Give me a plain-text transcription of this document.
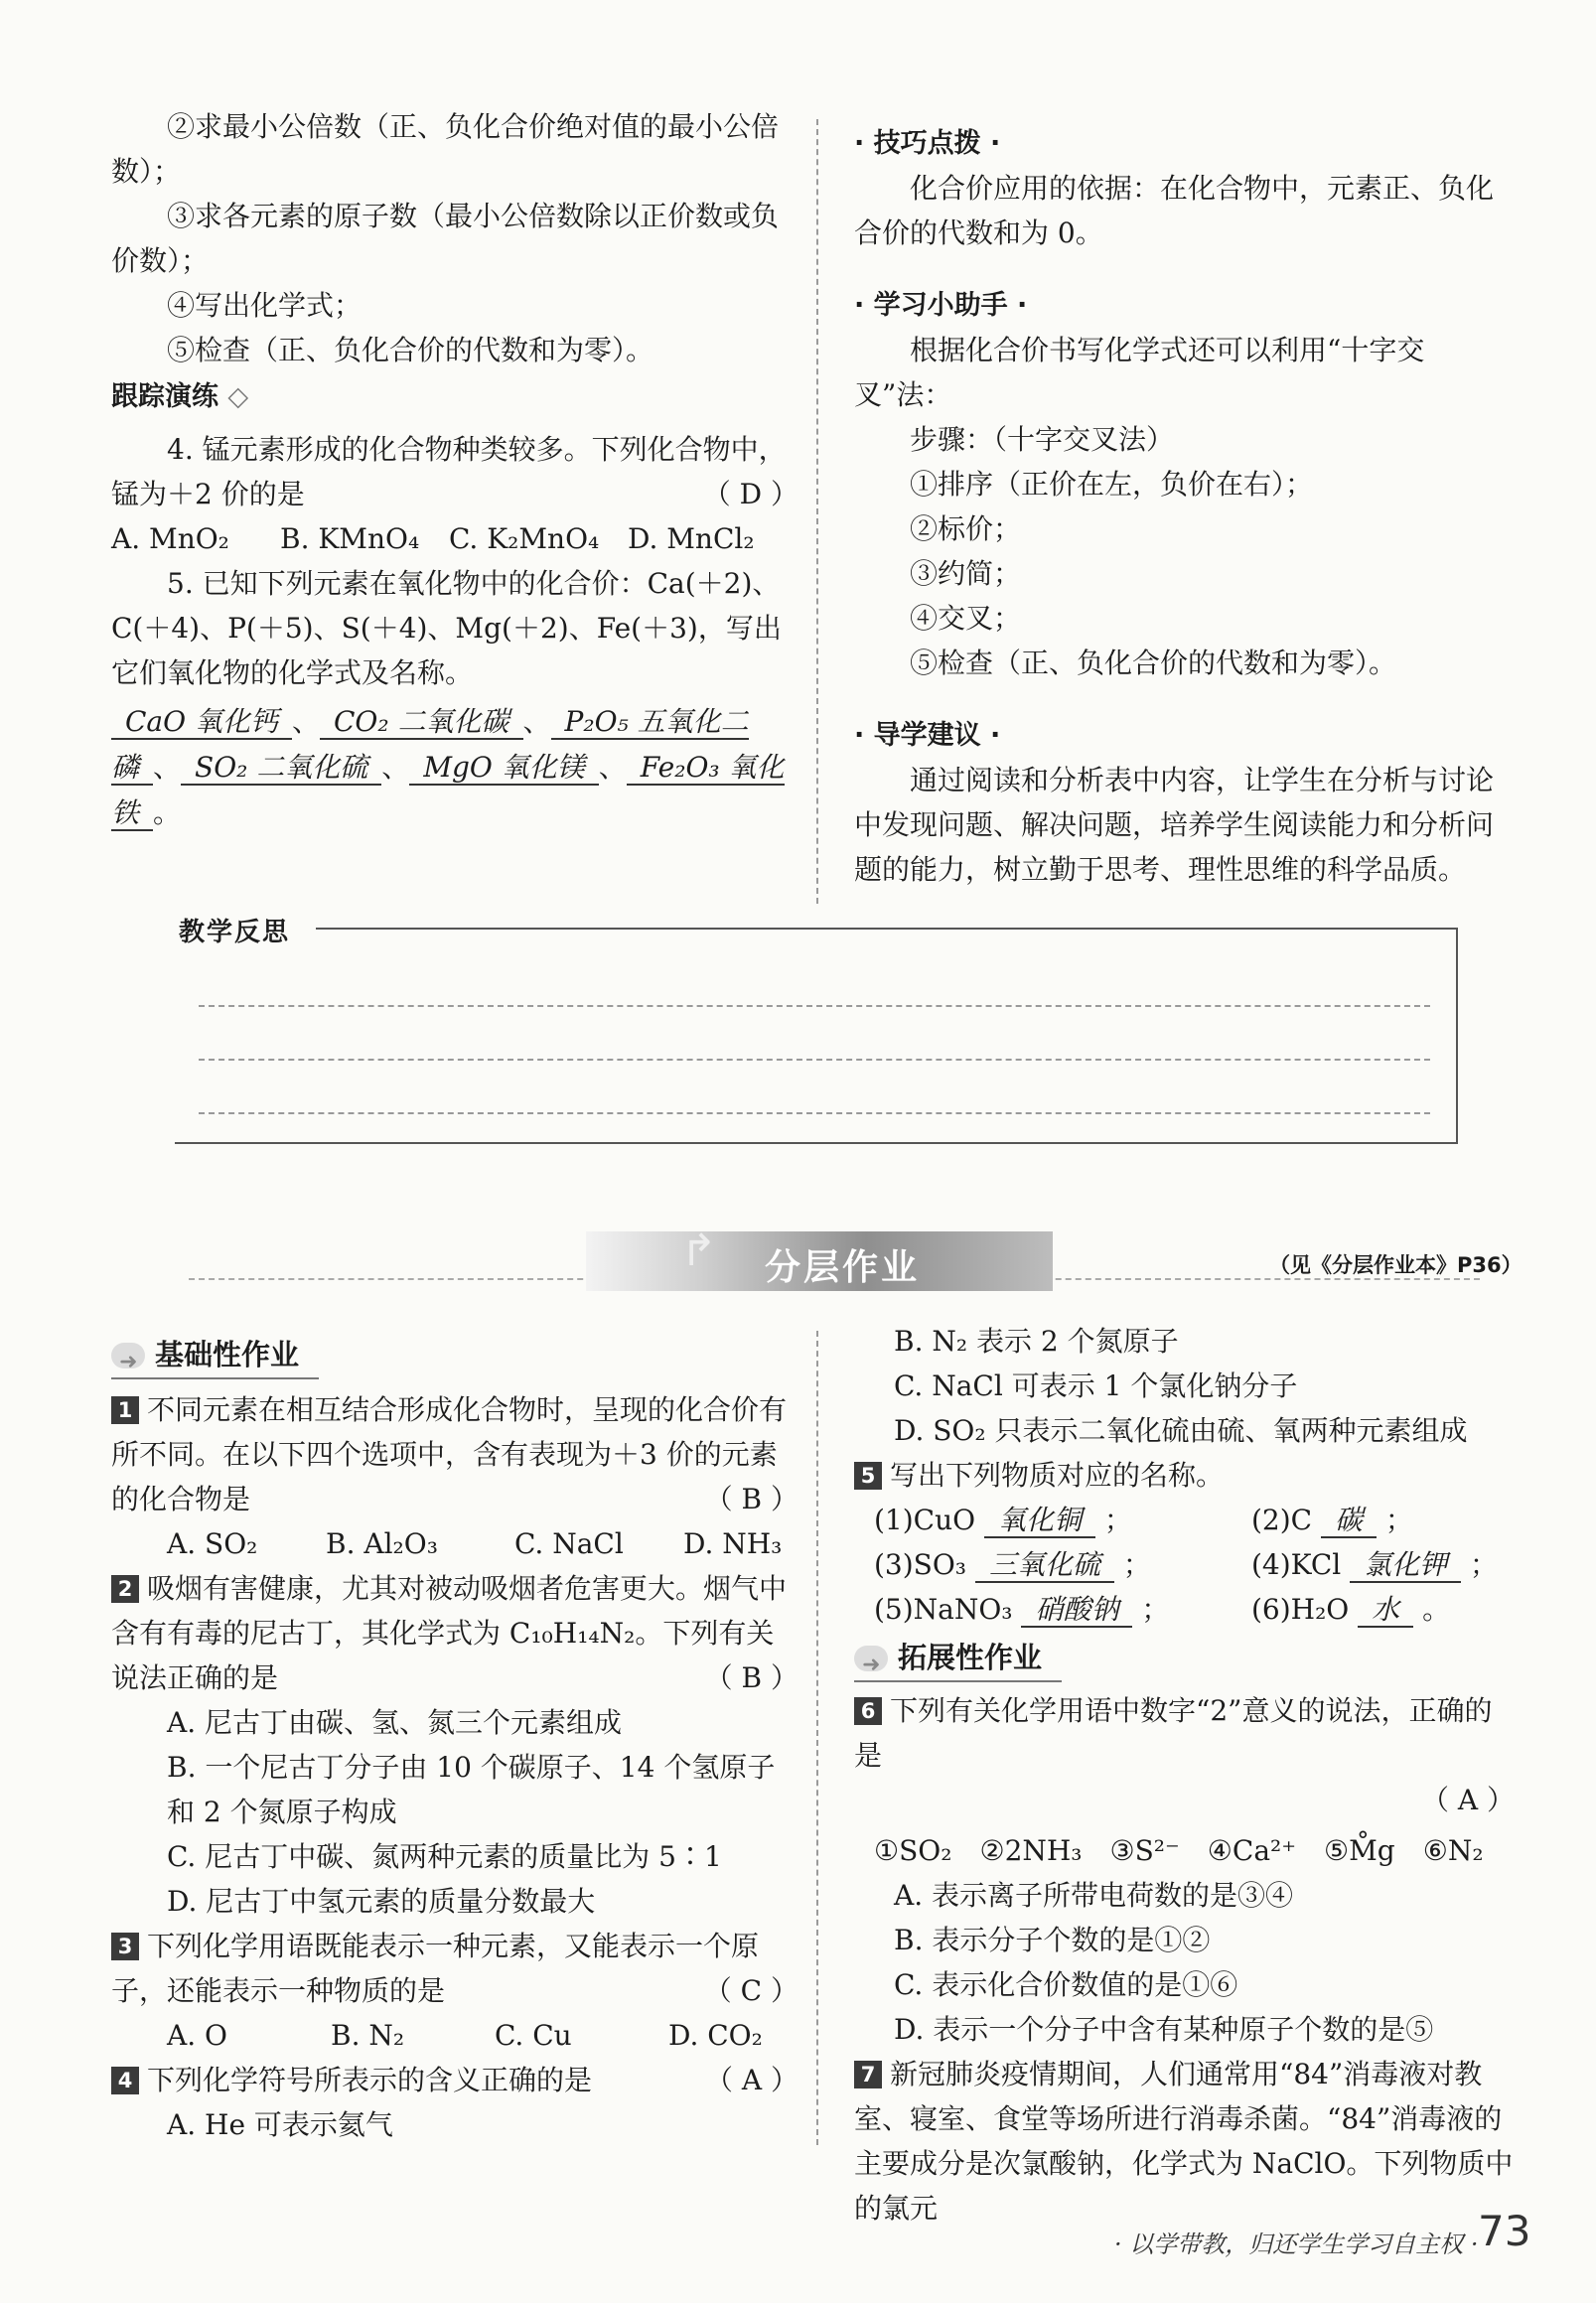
②求最小公倍数（正、负化合价绝对值的最小公倍数）；

③求各元素的原子数（最小公倍数除以正价数或负价数）；

④写出化学式；

⑤检查（正、负化合价的代数和为零）。

跟踪演练 ◇

4. 锰元素形成的化合物种类较多。下列化合物中，锰为＋2 价的是	（ D ）

A. MnO₂ B. KMnO₄ C. K₂MnO₄ D. MnCl₂

5. 已知下列元素在氧化物中的化合价：Ca(＋2)、C(＋4)、P(＋5)、S(＋4)、Mg(＋2)、Fe(＋3)，写出它们氧化物的化学式及名称。

CaO 氧化钙 、 CO₂ 二氧化碳 、 P₂O₅ 五氧化二磷 、 SO₂ 二氧化硫 、 MgO 氧化镁 、 Fe₂O₃ 氧化铁 。

· 技巧点拨 ·

化合价应用的依据：在化合物中，元素正、负化合价的代数和为 0。

· 学习小助手 ·

根据化合价书写化学式还可以利用“十字交叉”法：

步骤：（十字交叉法）

①排序（正价在左，负价在右）；

②标价；

③约简；

④交叉；

⑤检查（正、负化合价的代数和为零）。

· 导学建议 ·

通过阅读和分析表中内容，让学生在分析与讨论中发现问题、解决问题，培养学生阅读能力和分析问题的能力，树立勤于思考、理性思维的科学品质。

教学反思
↱ 分层作业	（见《分层作业本》P36）

➜
基础性作业

1 不同元素在相互结合形成化合物时，呈现的化合价有所不同。在以下四个选项中，含有表现为＋3 价的元素的化合物是	（ B ）

A. SO₂ B. Al₂O₃	C. NaCl D. NH₃

2 吸烟有害健康，尤其对被动吸烟者危害更大。烟气中含有有毒的尼古丁，其化学式为 C₁₀H₁₄N₂。下列有关说法正确的是	（ B ）

A. 尼古丁由碳、氢、氮三个元素组成

B. 一个尼古丁分子由 10 个碳原子、14 个氢原子和 2 个氮原子构成

C. 尼古丁中碳、氮两种元素的质量比为 5∶1

D. 尼古丁中氢元素的质量分数最大

3 下列化学用语既能表示一种元素，又能表示一个原子，还能表示一种物质的是	（ C ）

A. O	B. N₂	C. Cu	D. CO₂

4 下列化学符号所表示的含义正确的是	（ A ）

A. He 可表示氦气

B. N₂ 表示 2 个氮原子

C. NaCl 可表示 1 个氯化钠分子

D. SO₂ 只表示二氧化硫由硫、氧两种元素组成

5 写出下列物质对应的名称。

(1)CuO 氧化铜 ；	(2)C 碳 ；

(3)SO₃ 三氧化硫 ；	(4)KCl 氯化钾 ；

(5)NaNO₃ 硝酸钠 ；	(6)H₂O 水 。

➜
拓展性作业

6 下列有关化学用语中数字“2”意义的说法，正确的是

（ A ）

①SO₂　②2NH₃　③S²⁻　④Ca²⁺　⑤M̊g　⑥N₂

A. 表示离子所带电荷数的是③④

B. 表示分子个数的是①②

C. 表示化合价数值的是①⑥

D. 表示一个分子中含有某种原子个数的是⑤

7 新冠肺炎疫情期间，人们通常用“84”消毒液对教室、寝室、食堂等场所进行消毒杀菌。“84”消毒液的主要成分是次氯酸钠，化学式为 NaClO。下列物质中的氯元

· 以学带教，归还学生学习自主权 · 73
